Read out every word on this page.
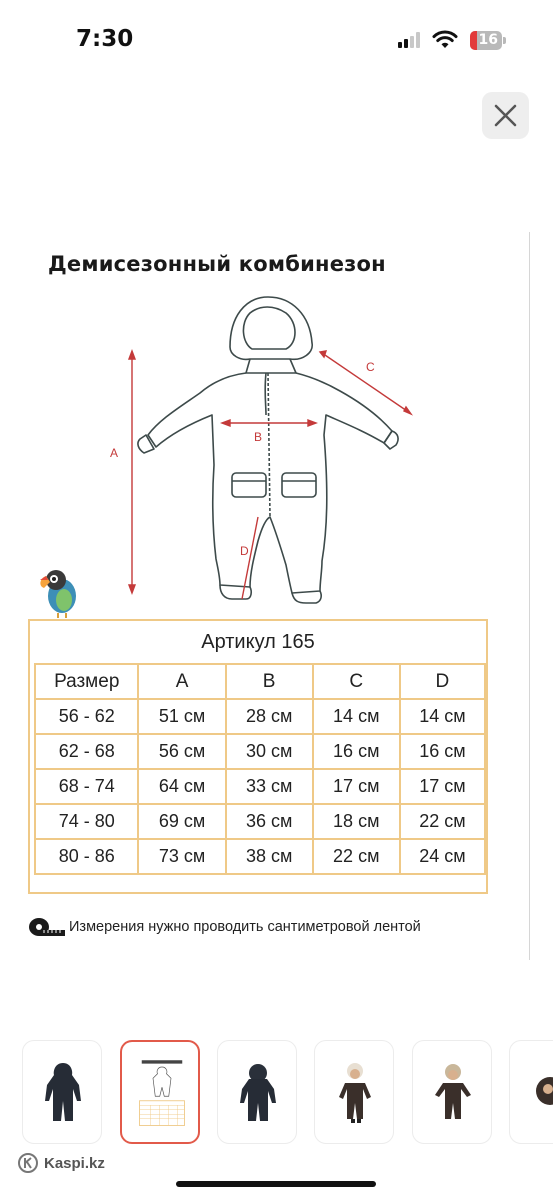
7:30	16
Демисезонный комбинезон
A
B
C
D
Артикул 165
Размер	A	B	C	D
56 - 62	51 см	28 см	14 см	14 см
62 - 68	56 см	30 см	16 см	16 см
68 - 74	64 см	33 см	17 см	17 см
74 - 80	69 см	36 см	18 см	22 см
80 - 86	73 см	38 см	22 см	24 см
Измерения нужно проводить сантиметровой лентой
Kaspi.kz
